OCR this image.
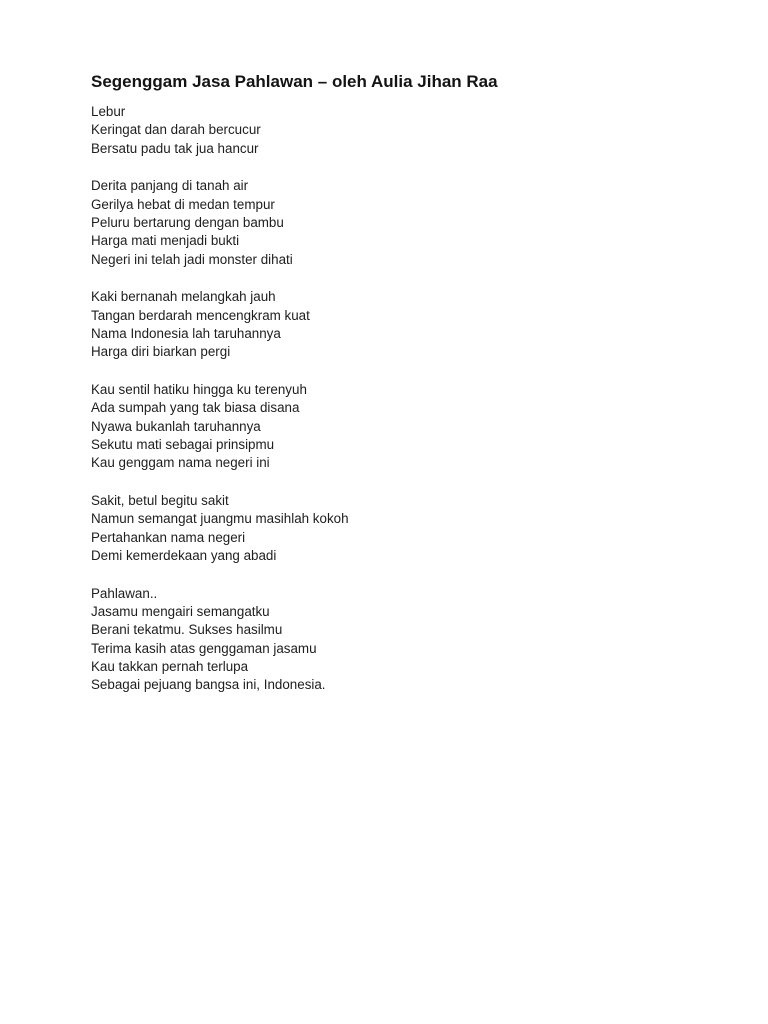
Segenggam Jasa Pahlawan – oleh Aulia Jihan Raa
Lebur
Keringat dan darah bercucur
Bersatu padu tak jua hancur
Derita panjang di tanah air
Gerilya hebat di medan tempur
Peluru bertarung dengan bambu
Harga mati menjadi bukti
Negeri ini telah jadi monster dihati
Kaki bernanah melangkah jauh
Tangan berdarah mencengkram kuat
Nama Indonesia lah taruhannya
Harga diri biarkan pergi
Kau sentil hatiku hingga ku terenyuh
Ada sumpah yang tak biasa disana
Nyawa bukanlah taruhannya
Sekutu mati sebagai prinsipmu
Kau genggam nama negeri ini
Sakit, betul begitu sakit
Namun semangat juangmu masihlah kokoh
Pertahankan nama negeri
Demi kemerdekaan yang abadi
Pahlawan..
Jasamu mengairi semangatku
Berani tekatmu. Sukses hasilmu
Terima kasih atas genggaman jasamu
Kau takkan pernah terlupa
Sebagai pejuang bangsa ini, Indonesia.
